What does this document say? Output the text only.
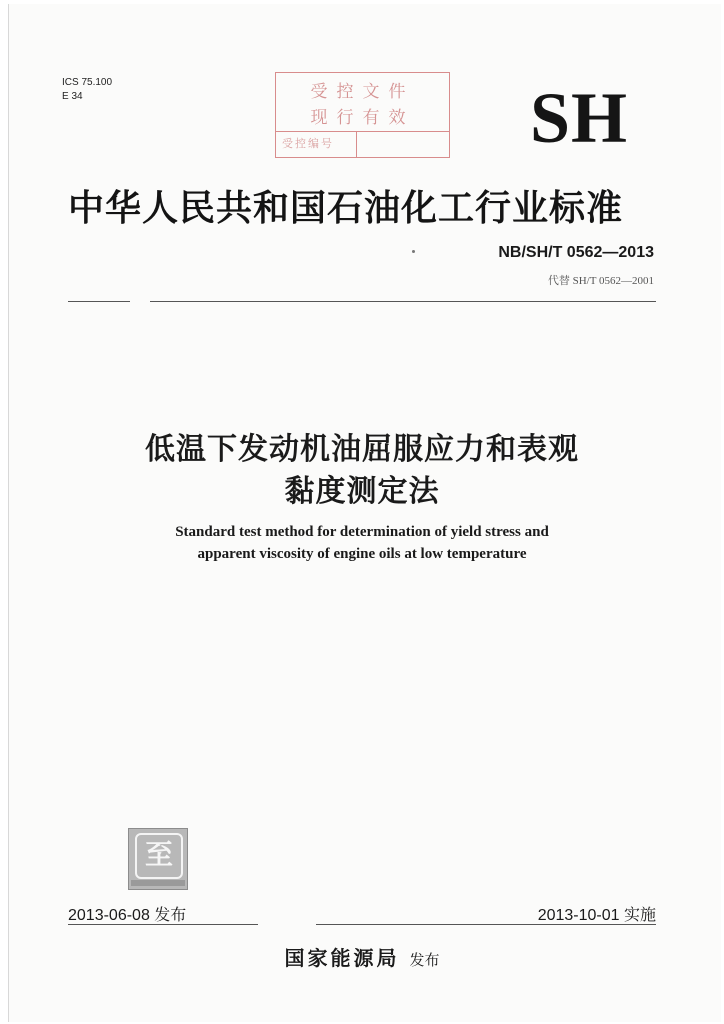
ICS 75.100
E 34	受控文件
现行有效
受控编号	SH
中华人民共和国石油化工行业标准
NB/SH/T 0562—2013
代替 SH/T 0562—2001
低温下发动机油屈服应力和表观
黏度测定法
Standard test method for determination of yield stress and
apparent viscosity of engine oils at low temperature
至
2013-06-08 发布	2013-10-01 实施
国家能源局 发布
